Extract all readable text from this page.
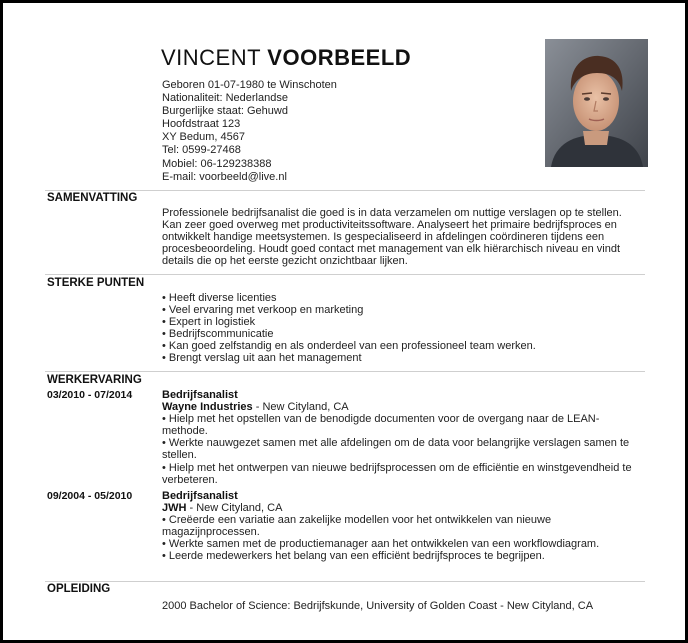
VINCENT VOORBEELD
Geboren 01-07-1980 te Winschoten
Nationaliteit: Nederlandse
Burgerlijke staat: Gehuwd
Hoofdstraat 123
XY Bedum, 4567
Tel: 0599-27468
Mobiel: 06-129238388
E-mail: voorbeeld@live.nl
SAMENVATTING
Professionele bedrijfsanalist die goed is in data verzamelen om nuttige verslagen op te stellen. Kan zeer goed overweg met productiviteitssoftware. Analyseert het primaire bedrijfsproces en ontwikkelt handige meetsystemen. Is gespecialiseerd in afdelingen coördineren tijdens een procesbeoordeling. Houdt goed contact met management van elk hiërarchisch niveau en vindt details die op het eerste gezicht onzichtbaar lijken.
STERKE PUNTEN
• Heeft diverse licenties
• Veel ervaring met verkoop en marketing
• Expert in logistiek
• Bedrijfscommunicatie
• Kan goed zelfstandig en als onderdeel van een professioneel team werken.
• Brengt verslag uit aan het management
WERKERVARING
03/2010 - 07/2014	Bedrijfsanalist
Wayne Industries - New Cityland, CA
• Hielp met het opstellen van de benodigde documenten voor de overgang naar de LEAN-methode.
• Werkte nauwgezet samen met alle afdelingen om de data voor belangrijke verslagen samen te stellen.
• Hielp met het ontwerpen van nieuwe bedrijfsprocessen om de efficiëntie en winstgevendheid te verbeteren.
09/2004 - 05/2010	Bedrijfsanalist
JWH - New Cityland, CA
• Creëerde een variatie aan zakelijke modellen voor het ontwikkelen van nieuwe magazijnprocessen.
• Werkte samen met de productiemanager aan het ontwikkelen van een workflowdiagram.
• Leerde medewerkers het belang van een efficiënt bedrijfsproces te begrijpen.
OPLEIDING
2000 Bachelor of Science: Bedrijfskunde, University of Golden Coast - New Cityland, CA
